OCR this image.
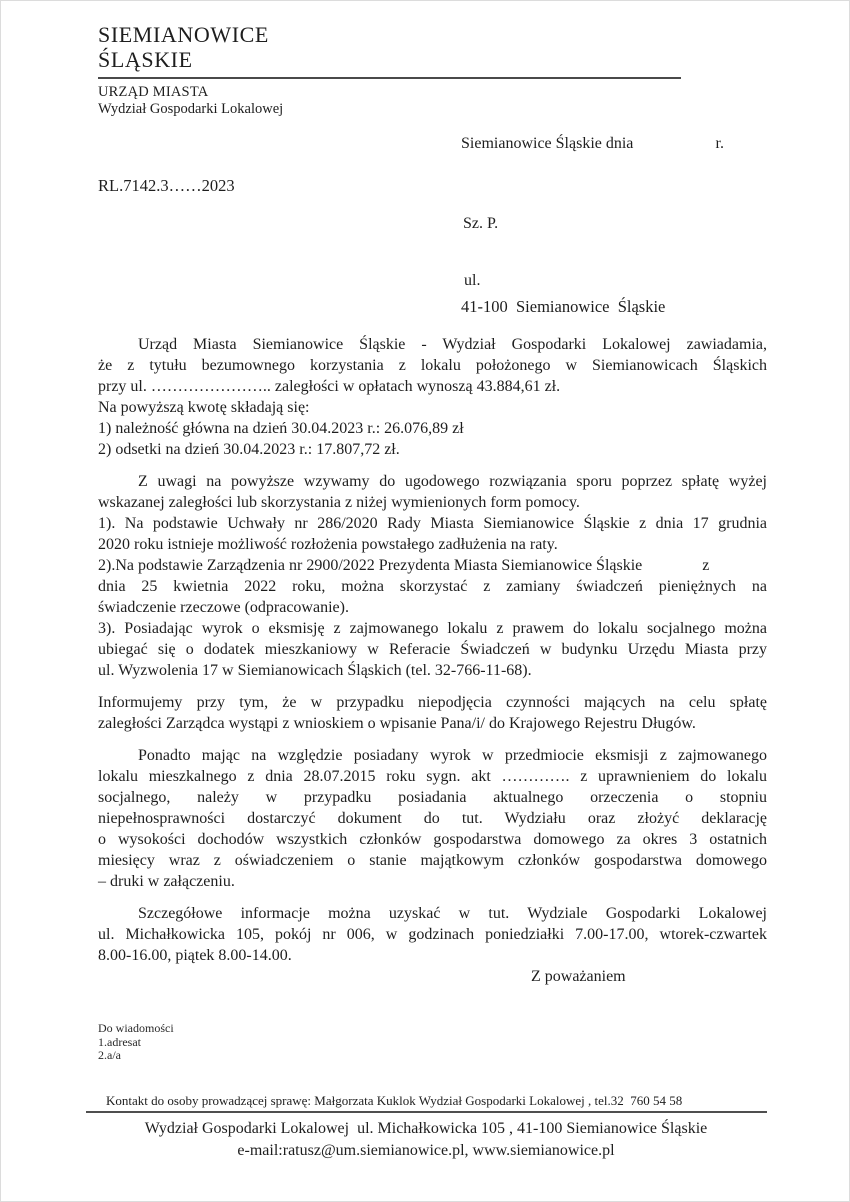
SIEMIANOWICE
ŚLĄSKIE
URZĄD MIASTA
Wydział Gospodarki Lokalowej
Siemianowice Śląskie dnia	r.
RL.7142.3……2023
Sz. P.
ul.
41-100  Siemianowice  Śląskie
Urząd Miasta Siemianowice Śląskie - Wydział Gospodarki Lokalowej zawiadamia,
że z tytułu bezumownego korzystania z lokalu położonego w Siemianowicach Śląskich
przy ul. ………………….. zaległości w opłatach wynoszą 43.884,61 zł.
Na powyższą kwotę składają się:
1) należność główna na dzień 30.04.2023 r.: 26.076,89 zł
2) odsetki na dzień 30.04.2023 r.: 17.807,72 zł.
Z uwagi na powyższe wzywamy do ugodowego rozwiązania sporu poprzez spłatę wyżej
wskazanej zaległości lub skorzystania z niżej wymienionych form pomocy.
1). Na podstawie Uchwały nr 286/2020 Rady Miasta Siemianowice Śląskie z dnia 17 grudnia
2020 roku istnieje możliwość rozłożenia powstałego zadłużenia na raty.
2).Na podstawie Zarządzenia nr 2900/2022 Prezydenta Miasta Siemianowice Śląskie               z
dnia 25 kwietnia 2022 roku, można skorzystać z zamiany świadczeń pieniężnych na
świadczenie rzeczowe (odpracowanie).
3). Posiadając wyrok o eksmisję z zajmowanego lokalu z prawem do lokalu socjalnego można
ubiegać się o dodatek mieszkaniowy w Referacie Świadczeń w budynku Urzędu Miasta przy
ul. Wyzwolenia 17 w Siemianowicach Śląskich (tel. 32-766-11-68).
Informujemy przy tym, że w przypadku niepodjęcia czynności mających na celu spłatę
zaległości Zarządca wystąpi z wnioskiem o wpisanie Pana/i/ do Krajowego Rejestru Długów.
Ponadto mając na względzie posiadany wyrok w przedmiocie eksmisji z zajmowanego
lokalu mieszkalnego z dnia 28.07.2015 roku sygn. akt …………. z uprawnieniem do lokalu
socjalnego, należy w przypadku posiadania aktualnego orzeczenia o stopniu
niepełnosprawności dostarczyć dokument do tut. Wydziału oraz złożyć deklarację
o wysokości dochodów wszystkich członków gospodarstwa domowego za okres 3 ostatnich
miesięcy wraz z oświadczeniem o stanie majątkowym członków gospodarstwa domowego
– druki w załączeniu.
Szczegółowe informacje można uzyskać w tut. Wydziale Gospodarki Lokalowej
ul. Michałkowicka 105, pokój nr 006, w godzinach poniedziałki 7.00-17.00, wtorek-czwartek
8.00-16.00, piątek 8.00-14.00.
Z poważaniem
Do wiadomości
1.adresat
2.a/a
Kontakt do osoby prowadzącej sprawę: Małgorzata Kuklok Wydział Gospodarki Lokalowej , tel.32  760 54 58
Wydział Gospodarki Lokalowej  ul. Michałkowicka 105 , 41-100 Siemianowice Śląskie
e-mail:ratusz@um.siemianowice.pl, www.siemianowice.pl
